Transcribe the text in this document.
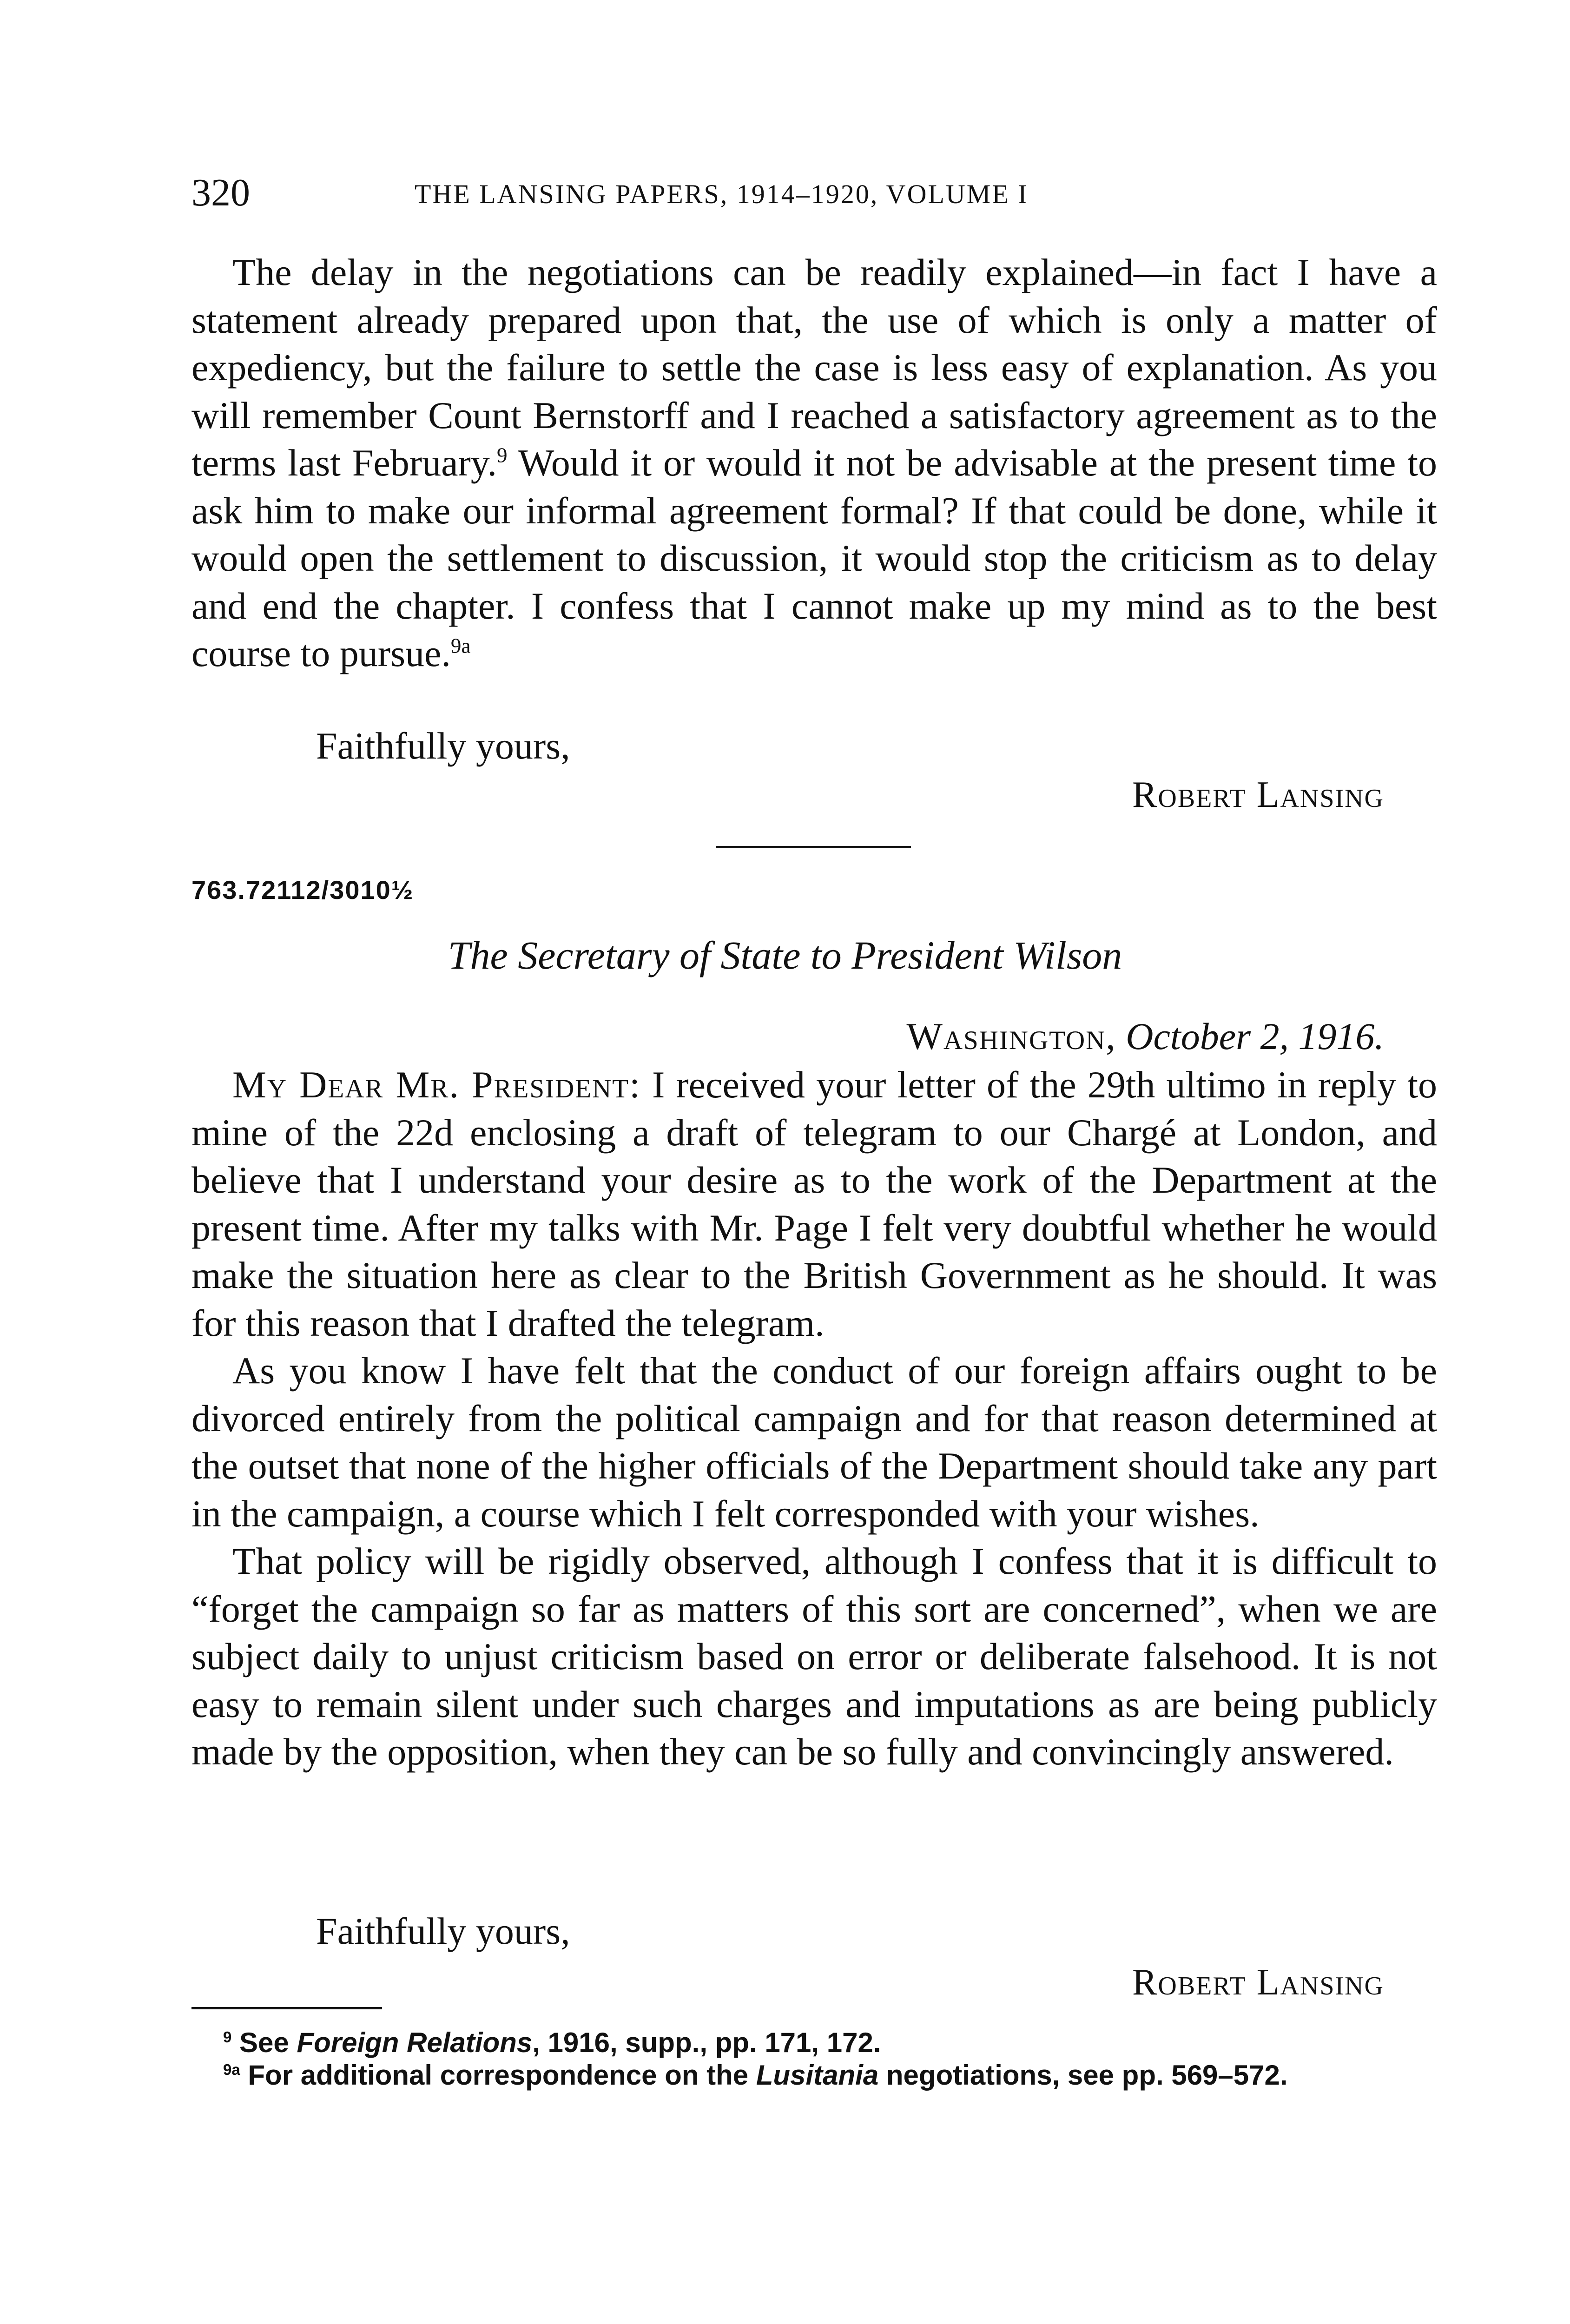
320	THE LANSING PAPERS, 1914–1920, VOLUME I

The delay in the negotiations can be readily explained—in fact I have a statement already prepared upon that, the use of which is only a matter of expediency, but the failure to settle the case is less easy of explanation. As you will remember Count Bernstorff and I reached a satisfactory agreement as to the terms last February.$^9$ Would it or would it not be advisable at the present time to ask him to make our informal agreement formal? If that could be done, while it would open the settlement to discussion, it would stop the criticism as to delay and end the chapter. I confess that I cannot make up my mind as to the best course to pursue.$^{9a}$

Faithfully yours,
Robert Lansing
763.72112/3010½
The Secretary of State to President Wilson
Washington, October 2, 1916.

My Dear Mr. President: I received your letter of the 29th ultimo in reply to mine of the 22d enclosing a draft of telegram to our Chargé at London, and believe that I understand your desire as to the work of the Department at the present time. After my talks with Mr. Page I felt very doubtful whether he would make the situation here as clear to the British Government as he should. It was for this reason that I drafted the telegram.

As you know I have felt that the conduct of our foreign affairs ought to be divorced entirely from the political campaign and for that reason determined at the outset that none of the higher officials of the Department should take any part in the campaign, a course which I felt corresponded with your wishes.

That policy will be rigidly observed, although I confess that it is difficult to “forget the campaign so far as matters of this sort are concerned”, when we are subject daily to unjust criticism based on error or deliberate falsehood. It is not easy to remain silent under such charges and imputations as are being publicly made by the opposition, when they can be so fully and convincingly answered.

Faithfully yours,
Robert Lansing

$^9$ See Foreign Relations, 1916, supp., pp. 171, 172.

$^{9a}$ For additional correspondence on the Lusitania negotiations, see pp. 569–572.
